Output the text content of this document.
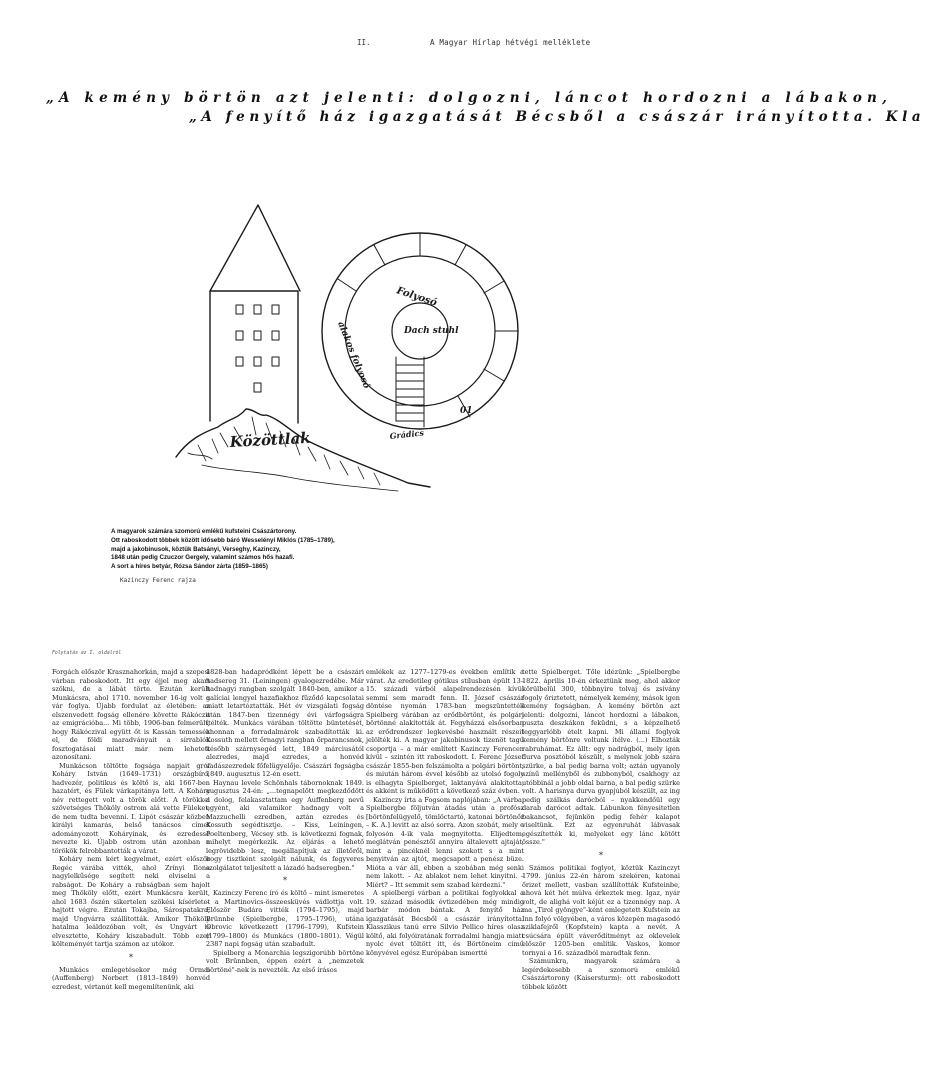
II.	A Magyar Hírlap hétvégi melléklete
„A kemény börtön azt jelenti: dolgozni, láncot hordozni a lábakon,
„A fenyítő ház igazgatását Bécsből a császár irányította. Kla
Közöttlak
alakos folyosó
Folyosó
Dach stuhl
Grádics
01
A magyarok számára szomorú emlékű kufsteini Császártorony.
Ott raboskodott többek között idősebb báró Wesselényi Miklós (1785–1789),
majd a jakobinusok, köztük Batsányi, Verseghy, Kazinczy,
1848 után pedig Czuczor Gergely, valamint számos hős hazafi.
A sort a híres betyár, Rózsa Sándor zárta (1859–1865)
Kazinczy Ferenc rajza
Folytatás az I. oldalról

Forgách először Krasznahorkán, majd a szepesi várban raboskodott. Itt egy éjjel meg akart szökni, de a lábát törte. Ezután került Munkácsra, ahol 1710. november 16-ig volt a vár foglya. Újabb fordulat az életében: az elszenvedett fogság ellenére követte Rákóczit az emigrációba... Mi több, 1906-ban felmerült, hogy Rákóczival együtt őt is Kassán temessék el, de földi maradványait a sírrablók fosztogatásai miatt már nem lehetett azonosítani.

Munkácson töltötte fogsága napjait gróf Koháry István (1649–1731) országbíró, hadvezér, politikus és költő is, aki 1667-ben hazatért, és Fülek várkapitánya lett. A Koháry név rettegett volt a török előtt. A törökkel szövetséges Thököly ostrom alá vette Füleket, de nem tudta bevenni. I. Lipót császár közben királyi kamarás, belső tanácsos címet adományozott Koháryinak, és ezredessé nevezte ki. Újabb ostrom után azonban a törökök felrobbantották a várat.

Koháry nem kért kegyelmet, ezért először Regéc várába vitték, ahol Zrínyi Ilona nagylelkűsége segített neki elviselni a rabságot. De Koháry a rabságban sem hajolt meg Thököly előtt, ezért Munkácsra került, ahol 1683 őszén sikertelen szökési kísérletet hajtott végre. Ezután Tokajba, Sárospatakra, majd Ungvárra szállították. Amikor Thököly hatalma leáldozóban volt, és Ungvárt is elvesztette, Koháry kiszabadult. Több ezer költeményét tartja számon az utókor.

*

Munkács emlegetésekor még Ormai (Auffenberg) Norbert (1813–1849) honvéd ezredest, vértanút kell megemlítenünk, aki

1828-ban hadapródként lépett be a császári hadsereg 31. (Leiningen) gyalogezredébe. Már hadnagyi rangban szolgált 1840-ben, amikor a galíciai lengyel hazafiakhoz fűződő kapcsolatai miatt letartóztatták. Hét év vizsgálati fogság után 1847-ben tizennégy évi várfogságra ítélték. Munkács várában töltötte büntetését, ahonnan a forradalmárok szabadították ki. Kossuth mellett őrnagyi rangban őrparancsnok, később szárnysegéd lett, 1849 márciusától alezredes, majd ezredes, a honvéd vadászezredek főfelügyelője. Császári fogságba 1849. augusztus 12-én esett.

Haynau levele Schönhals tábornoknak 1849. augusztus 24-én: „...tegnapelőtt megkezdődött a dolog, felakasztattam egy Auffenberg nevű egyént, aki valamikor hadnagy volt a Mazzuchelli ezredben, aztán ezredes és Kossuth segédtisztje. – Kiss, Leiningen, Poeltenberg, Vécsey stb. is következni fognak, mihelyt megérkezik. Az eljárás a lehető legrövidebb lesz, megállapítjuk az illetőről, hogy tisztként szolgált nálunk, és fegyveres szolgálatot teljesített a lázadó hadseregben."

*

Kazinczy Ferenc író és költő – mint ismeretes – a Martinovics-összeesküvés vádlottja volt. Először Budára vitték (1794–1795), majd Brünnbe (Spielbergbe, 1795–1796), utána Obrovic következett (1796–1799), Kufstein (1799–1800) és Munkács (1800–1801). Végül 2387 napi fogság után szabadult.

Spielberg a Monarchia legszigorúbb börtöne volt Brünnben, éppen ezért a „nemzetek börtöné"-nek is nevezték. Az első írásos

emlékek az 1277–1279-es években említik a várat. Az eredetileg gótikus stílusban épült 13–15. századi várból alapelrendezésén kívül semmi sem maradt fenn. II. József császár döntése nyomán 1783-ban megszüntették Spielberg várában az erődbörtönt, és polgári börtönné alakították át. Fegyházzá elsősorban az erődrendszer legkevésbé használt részeit jelölték ki. A magyar jakobinusok tizenöt tagú csoportja – a már említett Kazinczy Ferencen kívül – szintén itt raboskodott. I. Ferenc József császár 1855-ben felszámolta a polgári börtönt, és miután három évvel később az utolsó fogoly is elhagyta Spielberget, laktanyává alakította, és akként is működött a következő száz évben.

Kazinczy írta a Fogsom naplójában: „A várba, Spielbergbe följutván átadás után a profósz [börtönfelügyelő, tömlöctartó, katonai börtönőr – K. A.] levitt az alsó sorra. Azon szobát, mely e folyosón 4-ik vala megnyitotta. Elijedtem, meglátván penésztől annyira általevett ajtaját, mint a pincéknél lenni szokott s a mint benyitván az ajtót, megcsapott a penész büze. Mióta a vár áll, ebben a szobában még senki nem lakott. – Az ablakot nem lehet kinyitni. – Miért? – Itt semmit sem szabad kérdezni."

A spielbergi várban a politikai foglyokkal a 19. század második évtizedében még mindig barbár módon bántak. A fenyítő ház igazgatását Bécsből a császár irányította. Klasszikus tanú erre Silvio Pellico híres olasz költő, aki folyóiratának forradalmi hangja miatt nyolc évet töltött itt, és Börtöneim című könyvével egész Európában ismertté

tette Spielberget. Tőle idézünk: „Spielbergbe 1822. április 10-én érkeztünk meg, ahol akkor körülbelül 300, többnyire tolvaj és zsivány fogoly őriztetett, némelyek kemény, mások igen kemény fogságban. A kemény börtön azt jelenti: dolgozni, láncot hordozni a lábakon, puszta deszkákon feküdni, s a képzelhető leggyarlóbb ételt kapni. Mi államí foglyok kemény börtönre voltunk ítélve. (...) Elhozták rabruhámat. Ez állt: egy nadrágból, mely igen durva posztóból készült, s melynek jobb szára szürke, a bal pedig barna volt; aztán ugyanoly színű mellényből és zubbonyból, csakhogy az utóbbinál a jobb oldal barna, a bal pedig szürke volt. A harisnya durva gyapjúból készült, az ing pedig szálkás darócból – nyakkendőül egy darab darócot adtak. Lábunkon fényesitetlen bakancsot, fejünkön pedig fehér kalapot viseltünk. Ezt az egyenruhát lábvasak egészítették ki, melyeket egy lánc kötött össze."

*

Számos politikai foglyot, köztük Kazinczyt 1799. június 22-én három szekéren, katonai őrizet mellett, vasban szállították Kufsteinbe, ahová két hét múlva érkeztek meg. Igaz, nyár volt, de alighá volt kéjút ez a tizennégy nap. A ma „Tirol gyöngye"-ként emlegetett Kufstein az Inn folyó völgyében, a város közepén magasodó sziklafejről (Kopfstein) kapta a nevét. A csúcsára épült váverődítményt az oklevelek először 1205-ben említik. Vaskos, komor tornyai a 16. századból maradtak fenn.

Számunkra, magyarok számára a legérdekesebb a szomorú emlékű Császártorony (Kaisersturm): ott raboskodott többek között
